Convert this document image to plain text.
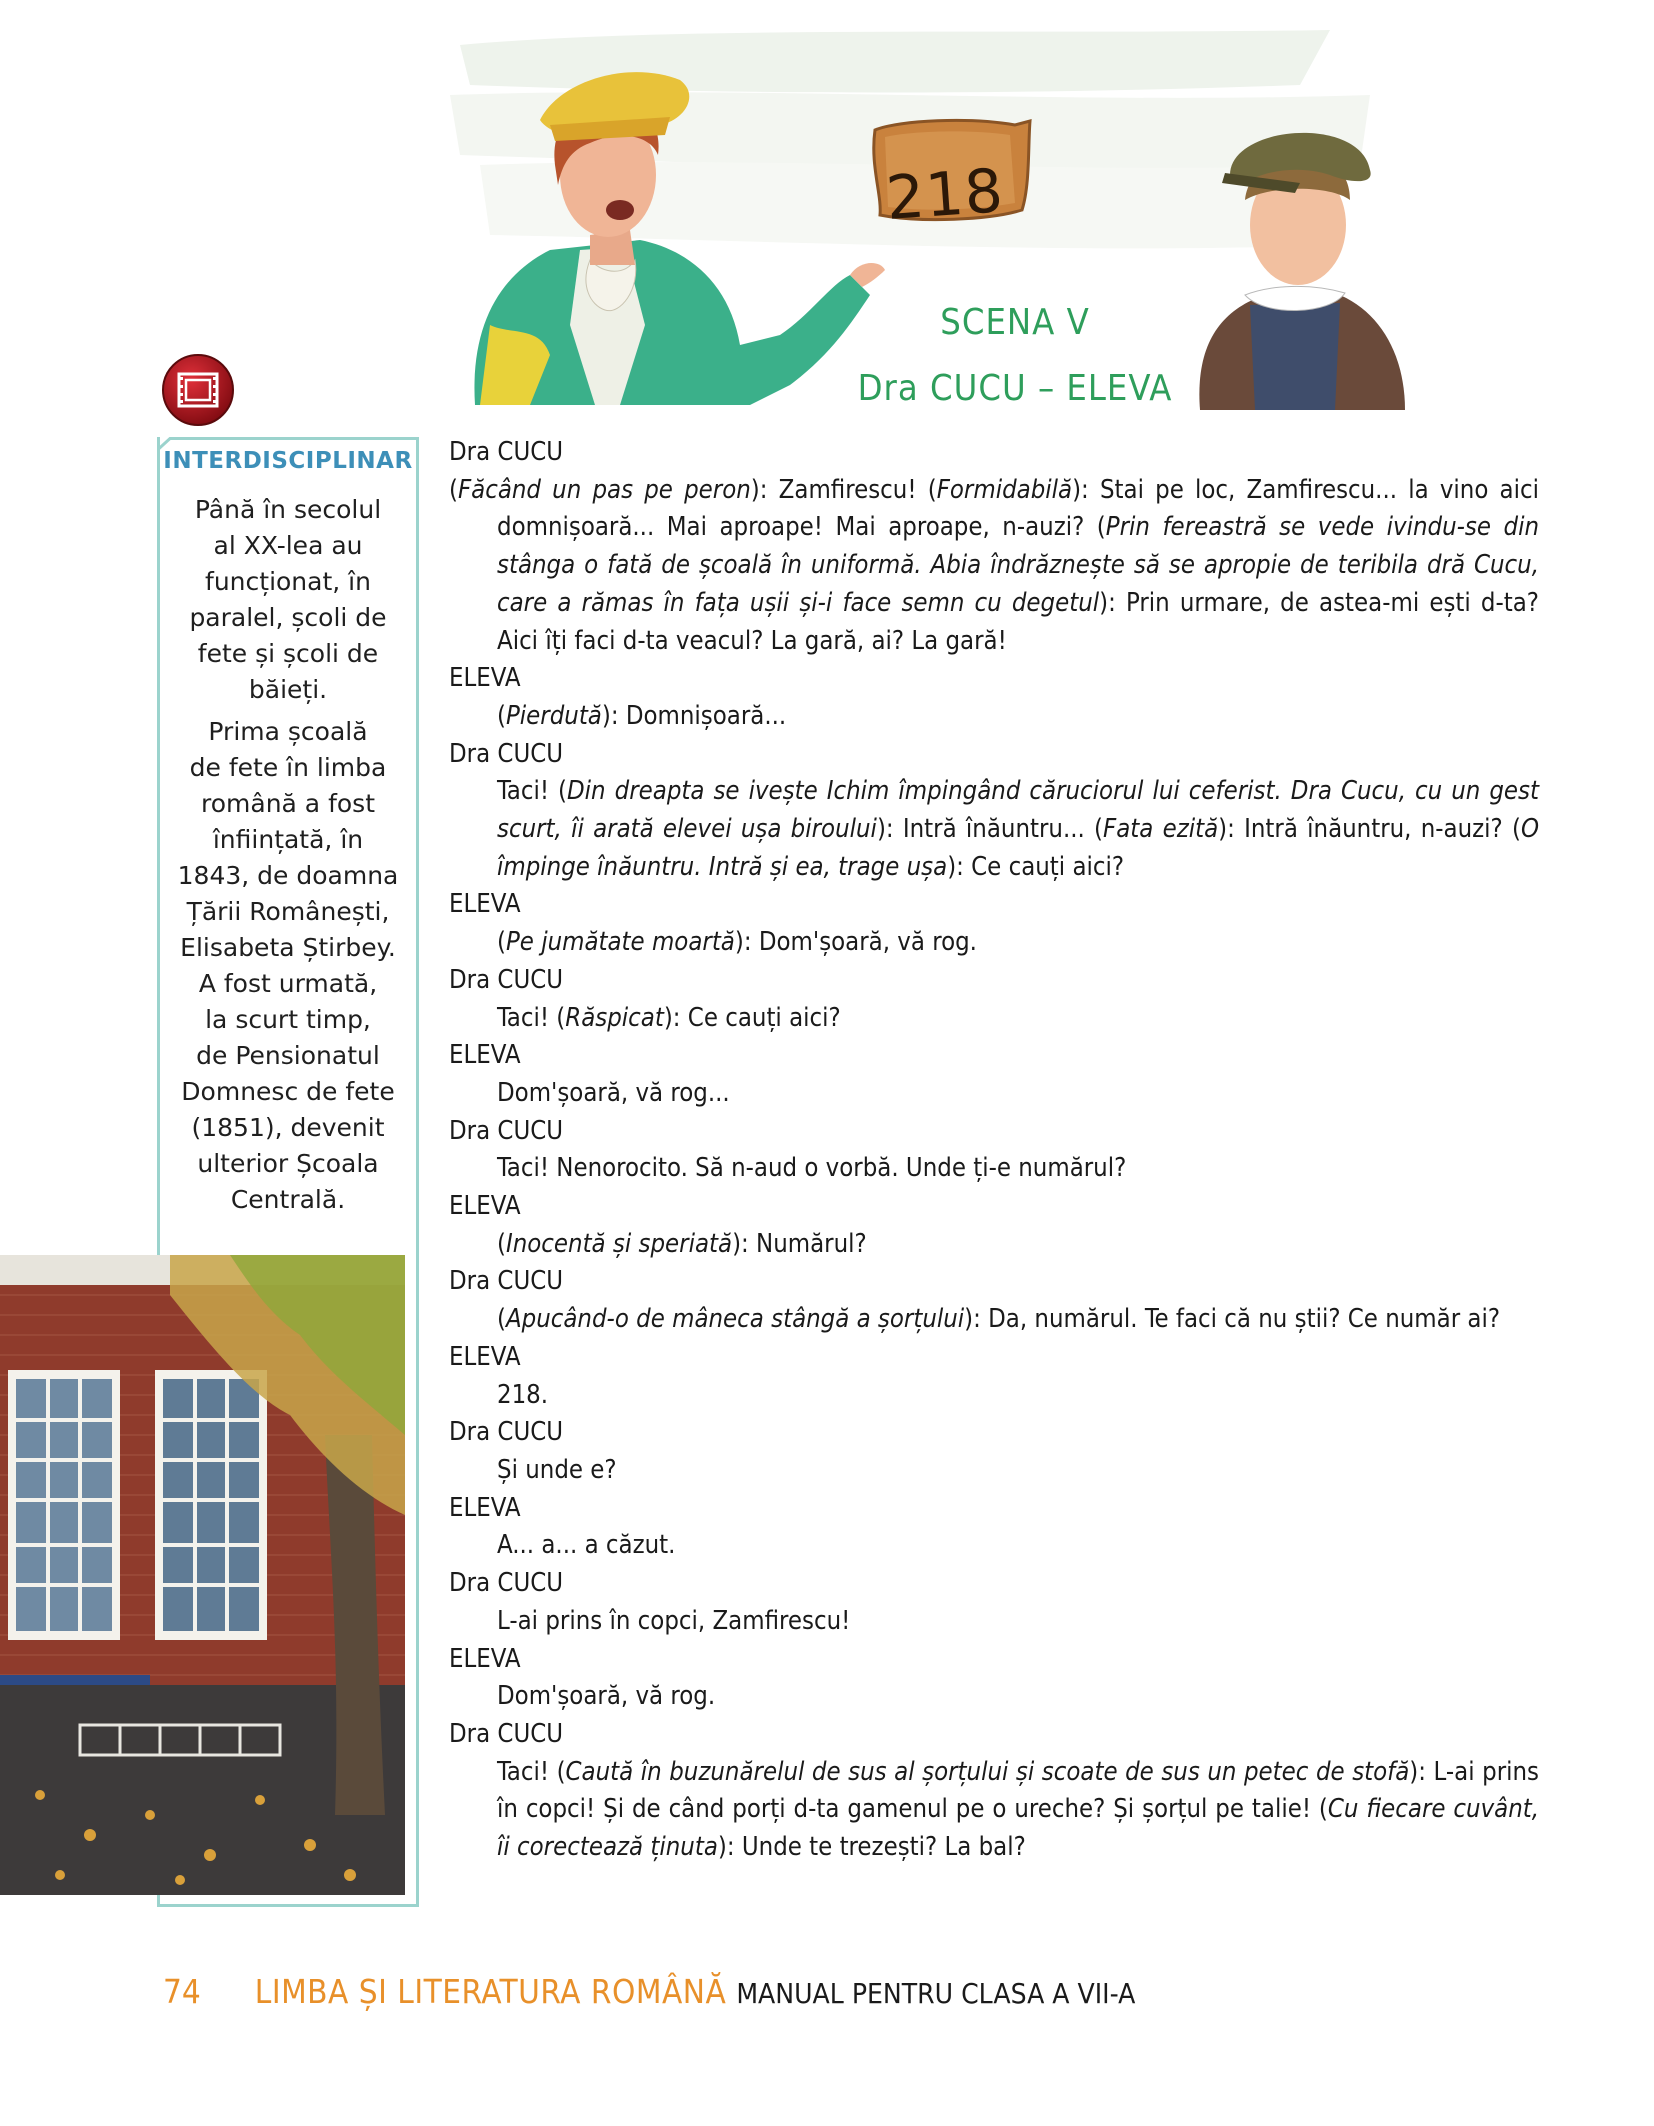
218
SCENA V
Dra CUCU – ELEVA
INTERDISCIPLINAR
Până în secolul
al XX-lea au
funcționat, în
paralel, școli de
fete și școli de
băieți.
Prima școală
de fete în limba
română a fost
înființată, în
1843, de doamna
Țării Românești,
Elisabeta Știrbey.
A fost urmată,
la scurt timp,
de Pensionatul
Domnesc de fete
(1851), devenit
ulterior Școala
Centrală.
Dra CUCU
(Făcând un pas pe peron): Zamfirescu! (Formidabilă): Stai pe loc, Zamfirescu... la vino aici domnișoară... Mai aproape! Mai aproape, n-auzi? (Prin fereastră se vede ivindu-se din stânga o fată de școală în uniformă. Abia îndrăznește să se apropie de teribila dră Cucu, care a rămas în fața ușii și-i face semn cu degetul): Prin urmare, de astea-mi ești d-ta? Aici îți faci d-ta veacul? La gară, ai? La gară!
ELEVA
(Pierdută): Domnișoară...
Dra CUCU
Taci! (Din dreapta se ivește Ichim împingând căruciorul lui ceferist. Dra Cucu, cu un gest scurt, îi arată elevei ușa biroului): Intră înăuntru... (Fata ezită): Intră înăuntru, n-auzi? (O împinge înăuntru. Intră și ea, trage ușa): Ce cauți aici?
ELEVA
(Pe jumătate moartă): Dom'șoară, vă rog.
Dra CUCU
Taci! (Răspicat): Ce cauți aici?
ELEVA
Dom'șoară, vă rog...
Dra CUCU
Taci! Nenorocito. Să n-aud o vorbă. Unde ți-e numărul?
ELEVA
(Inocentă și speriată): Numărul?
Dra CUCU
(Apucând-o de mâneca stângă a șorțului): Da, numărul. Te faci că nu știi? Ce număr ai?
ELEVA
218.
Dra CUCU
Și unde e?
ELEVA
A... a... a căzut.
Dra CUCU
L-ai prins în copci, Zamfirescu!
ELEVA
Dom'șoară, vă rog.
Dra CUCU
Taci! (Caută în buzunărelul de sus al șorțului și scoate de sus un petec de stofă): L-ai prins în copci! Și de când porți d-ta gamenul pe o ureche? Și șorțul pe talie! (Cu fiecare cuvânt, îi corectează ținuta): Unde te trezești? La bal?
74 LIMBA ȘI LITERATURA ROMÂNĂ MANUAL PENTRU CLASA A VII-A
